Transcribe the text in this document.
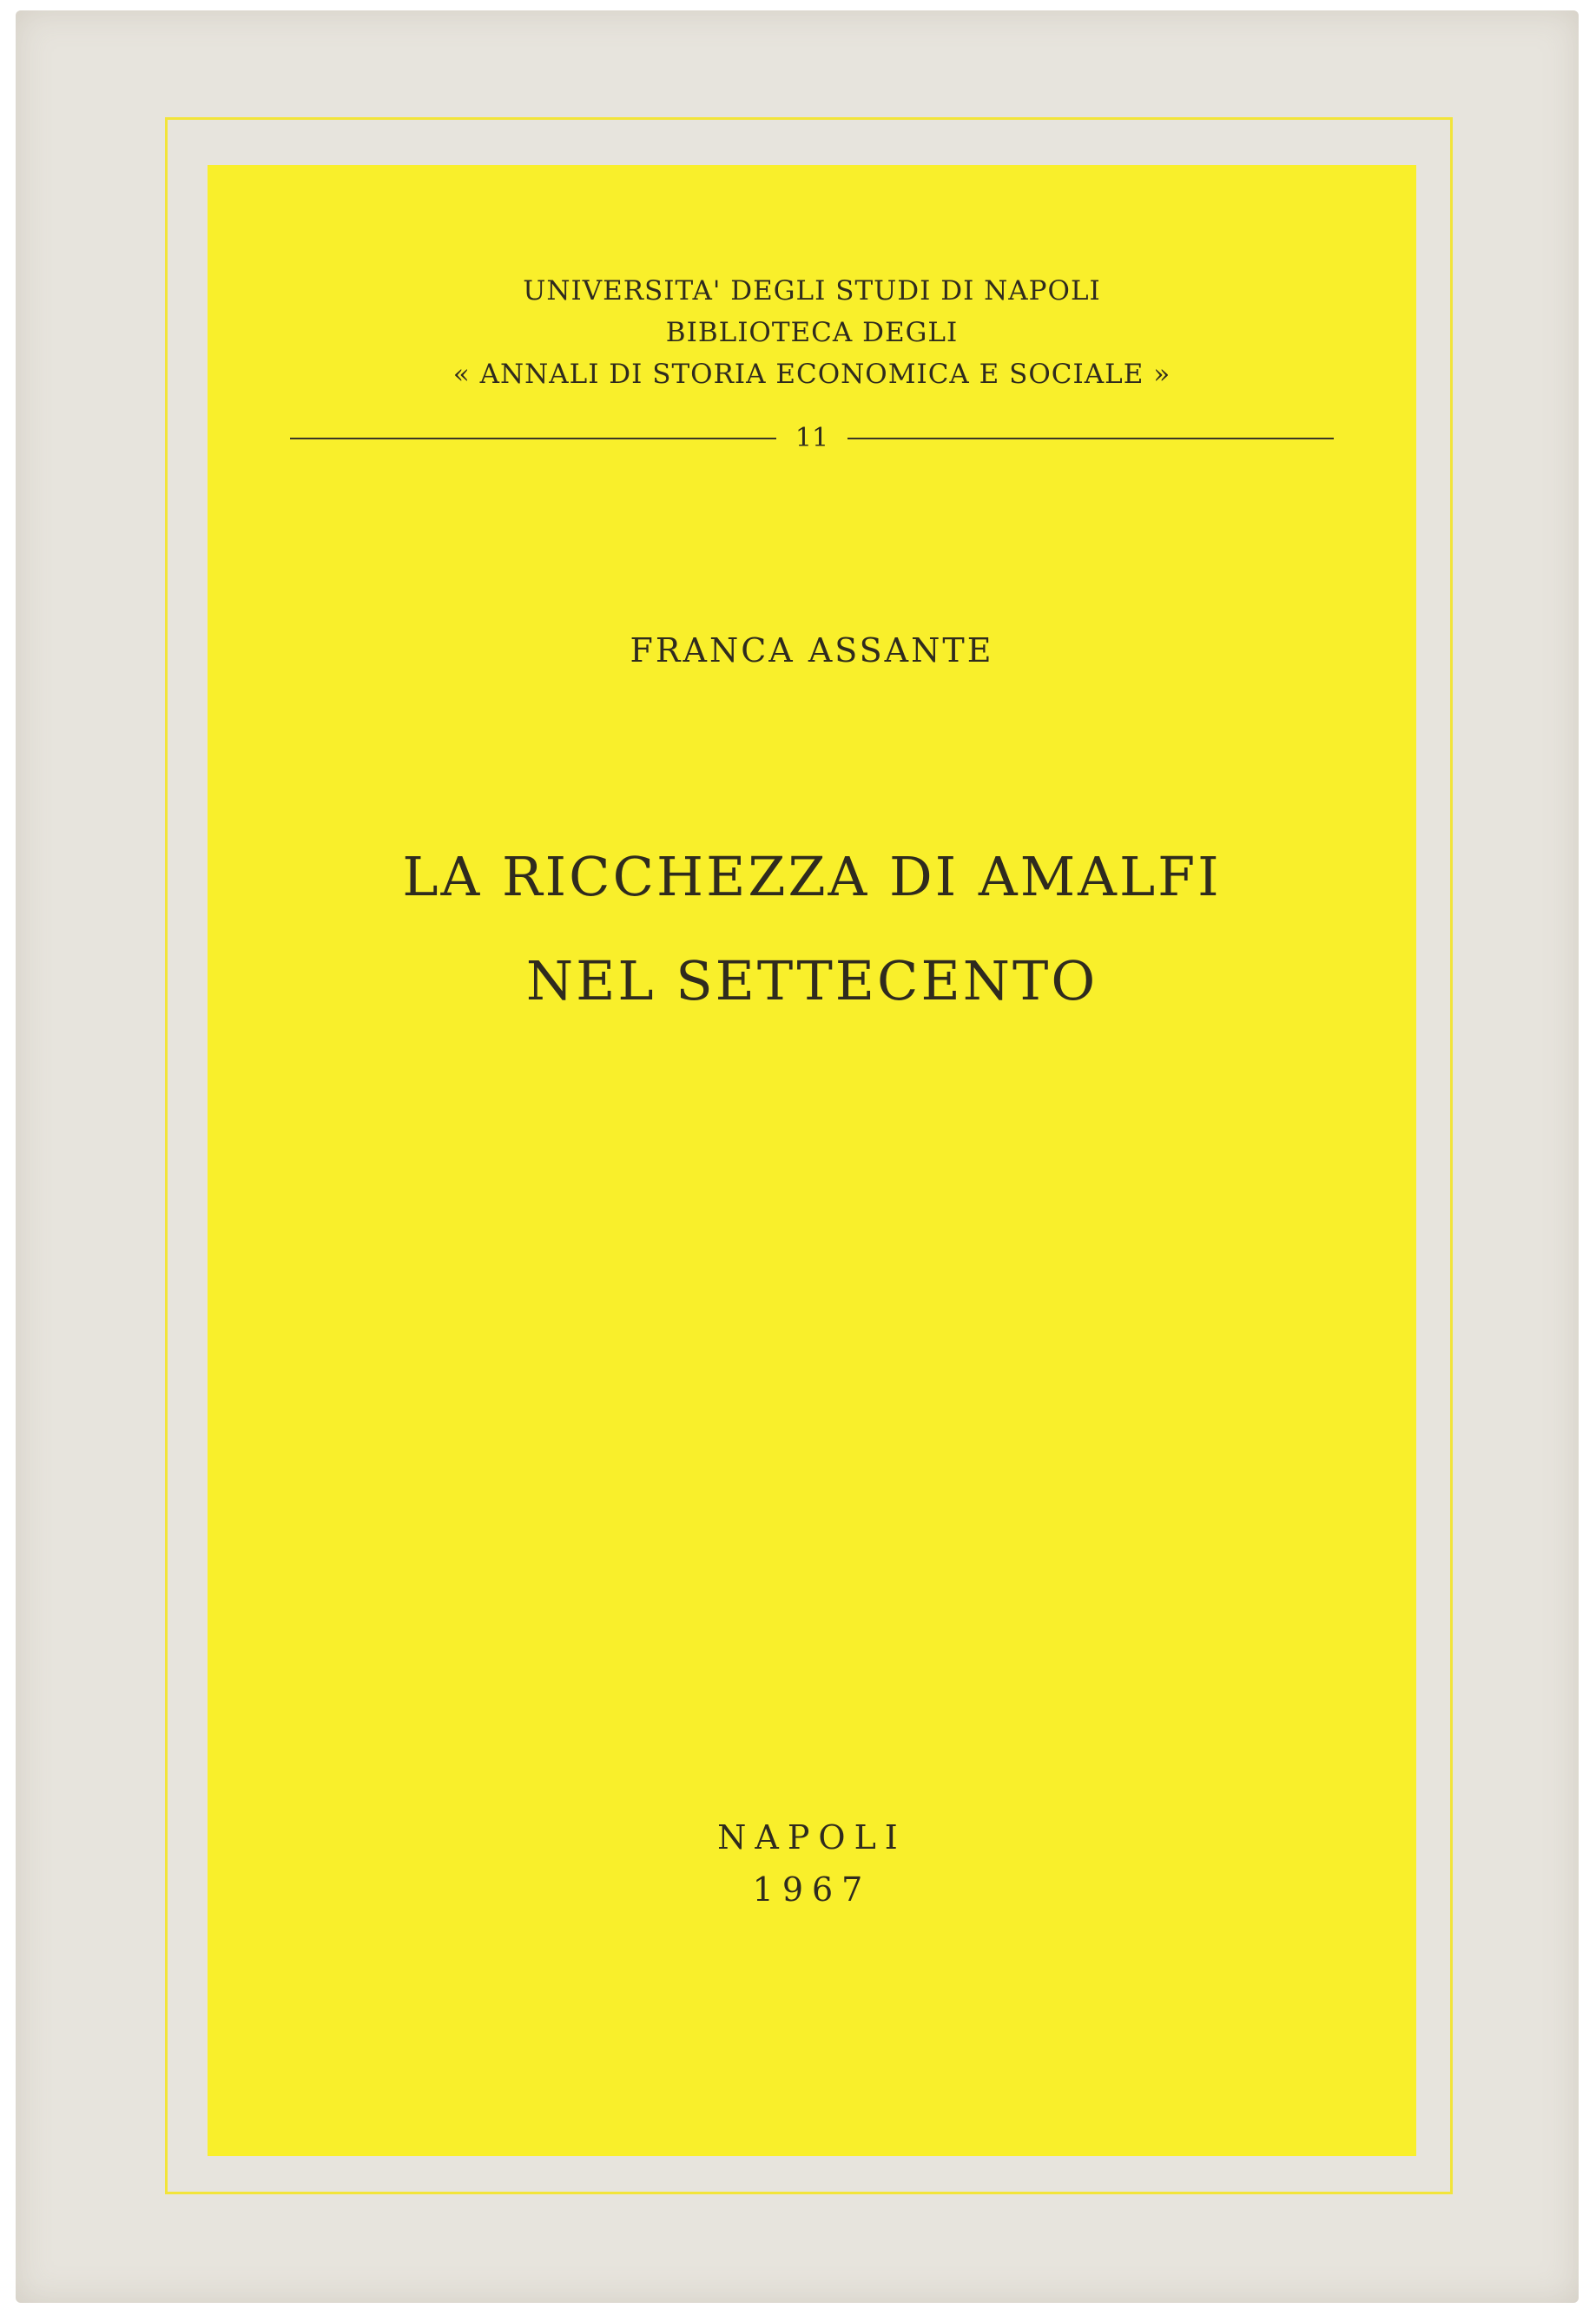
UNIVERSITA' DEGLI STUDI DI NAPOLI
BIBLIOTECA DEGLI
« ANNALI DI STORIA ECONOMICA E SOCIALE »
11
FRANCA ASSANTE
LA RICCHEZZA DI AMALFI
NEL SETTECENTO
NAPOLI
1967
